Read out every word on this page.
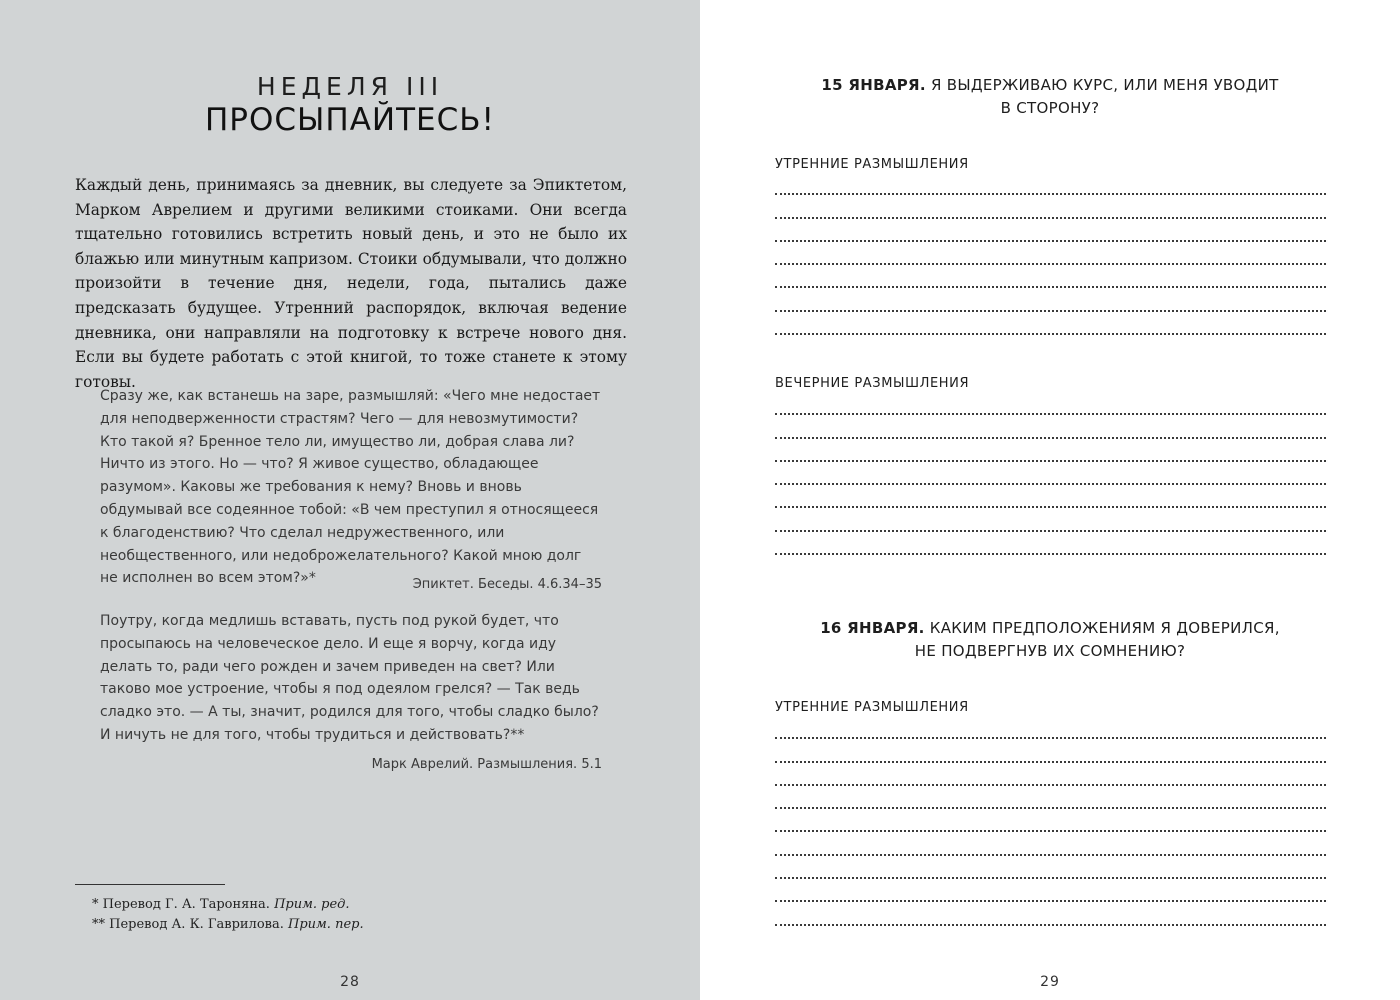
НЕДЕЛЯ III
ПРОСЫПАЙТЕСЬ!

Каждый день, принимаясь за дневник, вы следуете за Эпиктетом, Марком Аврелием и другими великими стоиками. Они всегда тщательно готовились встретить новый день, и это не было их блажью или минутным капризом. Стоики обдумывали, что должно произойти в течение дня, недели, года, пытались даже предсказать будущее. Утренний распорядок, включая ведение дневника, они направляли на подготовку к встрече нового дня. Если вы будете работать с этой книгой, то тоже станете к этому готовы.

Сразу же, как встанешь на заре, размышляй: «Чего мне недостает для неподверженности страстям? Чего — для невозмутимости? Кто такой я? Бренное тело ли, имущество ли, добрая слава ли? Ничто из этого. Но — что? Я живое существо, обладающее разумом». Каковы же требования к нему? Вновь и вновь обдумывай все содеянное тобой: «В чем преступил я относящееся к благоденствию? Что сделал недружественного, или необщественного, или недоброжелательного? Какой мною долг не исполнен во всем этом?»*	Эпиктет. Беседы. 4.6.34–35

Поутру, когда медлишь вставать, пусть под рукой будет, что просыпаюсь на человеческое дело. И еще я ворчу, когда иду делать то, ради чего рожден и зачем приведен на свет? Или таково мое устроение, чтобы я под одеялом грелся? — Так ведь сладко это. — А ты, значит, родился для того, чтобы сладко было? И ничуть не для того, чтобы трудиться и действовать?**

Марк Аврелий. Размышления. 5.1
* Перевод Г. А. Тароняна. Прим. ред.
** Перевод А. К. Гаврилова. Прим. пер.
28
15 ЯНВАРЯ. Я ВЫДЕРЖИВАЮ КУРС, ИЛИ МЕНЯ УВОДИТ
В СТОРОНУ?
УТРЕННИЕ РАЗМЫШЛЕНИЯ
ВЕЧЕРНИЕ РАЗМЫШЛЕНИЯ
16 ЯНВАРЯ. КАКИМ ПРЕДПОЛОЖЕНИЯМ Я ДОВЕРИЛСЯ,
НЕ ПОДВЕРГНУВ ИХ СОМНЕНИЮ?
УТРЕННИЕ РАЗМЫШЛЕНИЯ
29
